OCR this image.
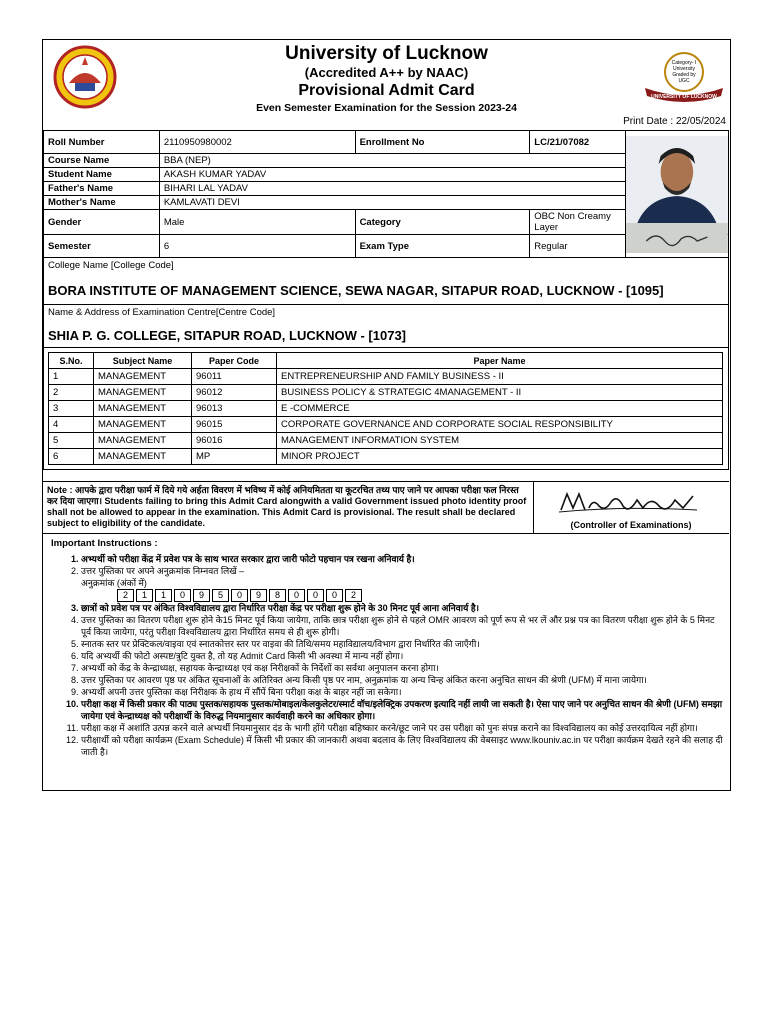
University of Lucknow
(Accredited A++ by NAAC)
Provisional Admit Card
Even Semester Examination for the Session 2023-24
Category- I
University
Graded by
UGC
UNIVERSITY OF LUCKNOW
Print Date : 22/05/2024
Roll Number	2110950980002	Enrollment No	LC/21/07082	
Course Name	BBA (NEP)
Student Name	AKASH KUMAR YADAV
Father's Name	BIHARI LAL YADAV
Mother's Name	KAMLAVATI DEVI
Gender	Male	Category	OBC Non Creamy Layer
Semester	6	Exam Type	Regular	

College Name [College Code]
BORA INSTITUTE OF MANAGEMENT SCIENCE, SEWA NAGAR, SITAPUR ROAD, LUCKNOW - [1095]

Name & Address of Examination Centre[Centre Code]
SHIA P. G. COLLEGE, SITAPUR ROAD, LUCKNOW - [1073]

S.No.	Subject Name	Paper Code	Paper Name
1	MANAGEMENT	96011	ENTREPRENEURSHIP AND FAMILY BUSINESS - II
2	MANAGEMENT	96012	BUSINESS POLICY & STRATEGIC 4MANAGEMENT - II
3	MANAGEMENT	96013	E -COMMERCE
4	MANAGEMENT	96015	CORPORATE GOVERNANCE AND CORPORATE SOCIAL RESPONSIBILITY
5	MANAGEMENT	96016	MANAGEMENT INFORMATION SYSTEM
6	MANAGEMENT	MP	MINOR PROJECT
Note : आपके द्वारा परीक्षा फार्म में दिये गये अर्हता विवरण में भविष्य में कोई अनियमितता या कूटरचित तथ्य पाए जाने पर आपका परीक्षा फल निरस्त कर दिया जाएगा। Students failing to bring this Admit Card alongwith a valid Government issued photo identity proof shall not be allowed to appear in the examination. This Admit Card is provisional. The result shall be declared subject to eligibility of the candidate.	(Controller of Examinations)
Important Instructions :
1. अभ्यर्थी को परीक्षा केंद्र में प्रवेश पत्र के साथ भारत सरकार द्वारा जारी फोटो पहचान पत्र रखना अनिवार्य है।
2. उत्तर पुस्तिका पर अपने अनुक्रमांक निम्नवत लिखें –
अनुक्रमांक (अंकों में)
2 1 1 0 9 5 0 9 8 0 0 0 2
3. छात्रों को प्रवेश पत्र पर अंकित विश्वविद्यालय द्वारा निर्धारित परीक्षा केंद्र पर परीक्षा शुरू होने के 30 मिनट पूर्व आना अनिवार्य है।
4. उत्तर पुस्तिका का वितरण परीक्षा शुरू होने के15 मिनट पूर्व किया जायेगा, ताकि छात्र परीक्षा शुरू होने से पहले OMR आवरण को पूर्ण रूप से भर लें और प्रश्न पत्र का वितरण परीक्षा शुरू होने के 5 मिनट पूर्व किया जायेगा, परंतु परीक्षा विश्वविद्यालय द्वारा निर्धारित समय से ही शुरू होगी।
5. स्नातक स्तर पर प्रेक्टिकल/वाइवा एवं स्नातकोत्तर स्तर पर वाइवा की तिथि/समय महाविद्यालय/विभाग द्वारा निर्धारित की जाएँगी।
6. यदि अभ्यर्थी की फोटो अस्पष्ट/त्रुटि युक्त है, तो यह Admit Card किसी भी अवस्था में मान्य नहीं होगा।
7. अभ्यर्थी को केंद्र के केन्द्राध्यक्ष, सहायक केन्द्राध्यक्ष एवं कक्ष निरीक्षकों के निर्देशों का सर्वथा अनुपालन करना होगा।
8. उत्तर पुस्तिका पर आवरण पृष्ठ पर अंकित सूचनाओं के अतिरिक्त अन्य किसी पृष्ठ पर नाम, अनुक्रमांक या अन्य चिन्ह अंकित करना अनुचित साधन की श्रेणी (UFM) में माना जायेगा।
9. अभ्यर्थी अपनी उत्तर पुस्तिका कक्ष निरीक्षक के हाथ में सौंपें बिना परीक्षा कक्ष के बाहर नहीं जा सकेगा।
10. परीक्षा कक्ष में किसी प्रकार की पाठ्य पुस्तक/सहायक पुस्तक/मोबाइल/केलकुलेटर/स्मार्ट वॉच/इलेक्ट्रिक उपकरण इत्यादि नहीं लायी जा सकती है। ऐसा पाए जाने पर अनुचित साधन की श्रेणी (UFM) समझा जायेगा एवं केन्द्राध्यक्ष को परीक्षार्थी के विरुद्ध नियमानुसार कार्यवाही करने का अधिकार होगा।
11. परीक्षा कक्ष में अशांति उत्पन्न करने वाले अभ्यर्थी नियमानुसार दंड के भागी होंगे परीक्षा बहिष्कार करने/छूट जाने पर उस परीक्षा को पुनः संपन्न कराने का विश्वविद्यालय का कोई उत्तरदायित्व नहीं होगा।
12. परीक्षार्थी को परीक्षा कार्यक्रम (Exam Schedule) में किसी भी प्रकार की जानकारी अथवा बदलाव के लिए विश्वविद्यालय की वेबसाइट www.lkouniv.ac.in पर परीक्षा कार्यक्रम देखते रहने की सलाह दी जाती है।
